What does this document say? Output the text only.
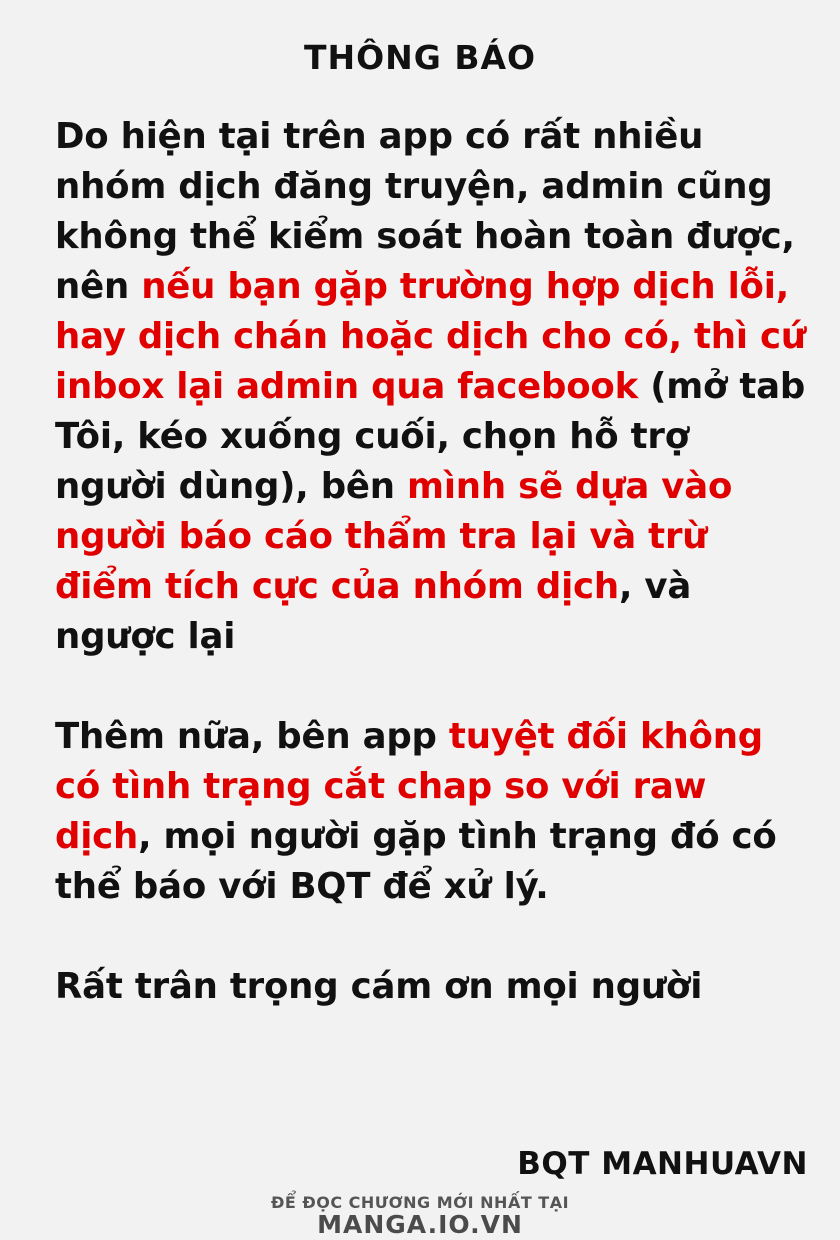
THÔNG BÁO

Do hiện tại trên app có rất nhiều nhóm dịch đăng truyện, admin cũng không thể kiểm soát hoàn toàn được, nên nếu bạn gặp trường hợp dịch lỗi, hay dịch chán hoặc dịch cho có, thì cứ inbox lại admin qua facebook (mở tab Tôi, kéo xuống cuối, chọn hỗ trợ người dùng), bên mình sẽ dựa vào người báo cáo thẩm tra lại và trừ điểm tích cực của nhóm dịch, và ngược lại

Thêm nữa, bên app tuyệt đối không có tình trạng cắt chap so với raw dịch, mọi người gặp tình trạng đó có thể báo với BQT để xử lý.

Rất trân trọng cám ơn mọi người

BQT MANHUAVN
ĐỂ ĐỌC CHƯƠNG MỚI NHẤT TẠI
MANGA.IO.VN
